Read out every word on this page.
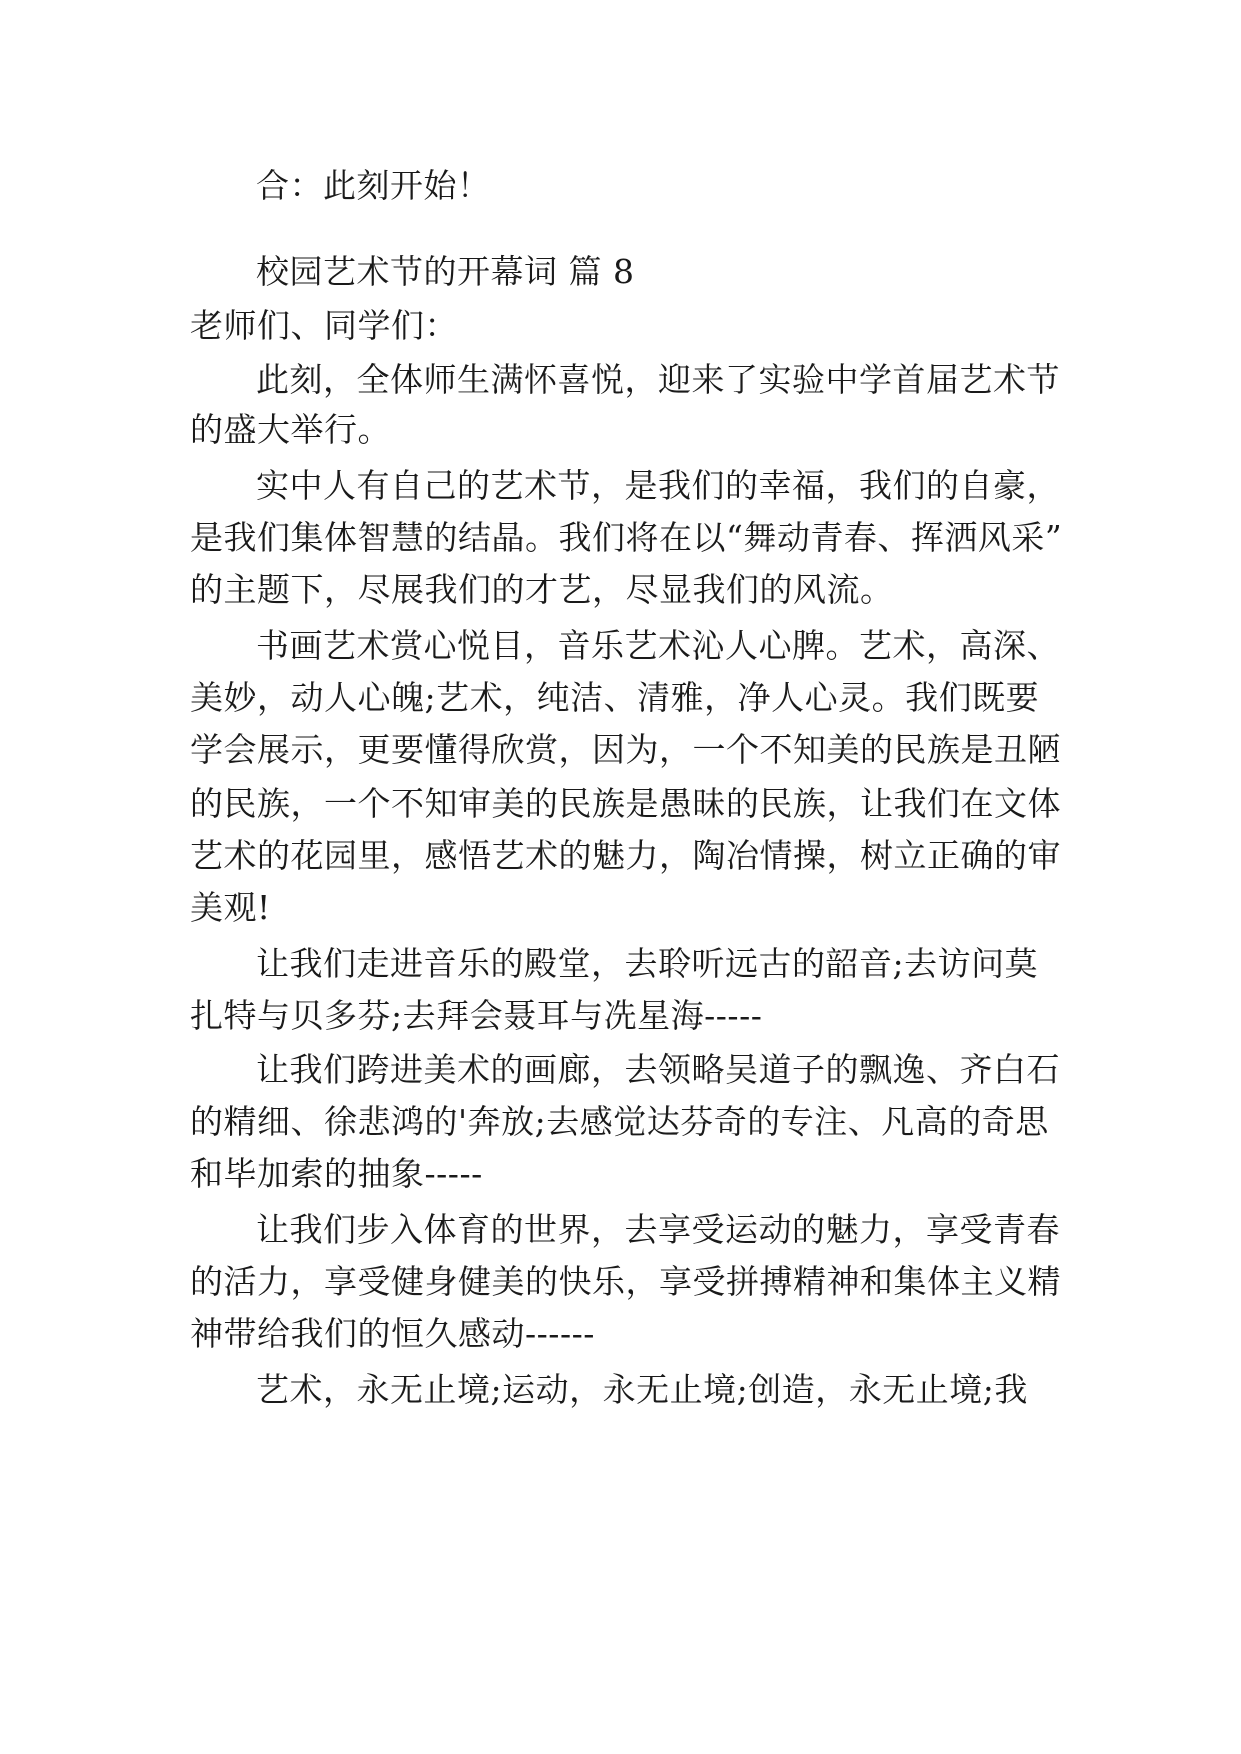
合：此刻开始！
校园艺术节的开幕词 篇 8
老师们、同学们：
此刻，全体师生满怀喜悦，迎来了实验中学首届艺术节
的盛大举行。
实中人有自己的艺术节，是我们的幸福，我们的自豪，
是我们集体智慧的结晶。我们将在以“舞动青春、挥洒风采”
的主题下，尽展我们的才艺，尽显我们的风流。
书画艺术赏心悦目，音乐艺术沁人心脾。艺术，高深、
美妙，动人心魄;艺术，纯洁、清雅，净人心灵。我们既要
学会展示，更要懂得欣赏，因为，一个不知美的民族是丑陋
的民族，一个不知审美的民族是愚昧的民族，让我们在文体
艺术的花园里，感悟艺术的魅力，陶冶情操，树立正确的审
美观!
让我们走进音乐的殿堂，去聆听远古的韶音;去访问莫
扎特与贝多芬;去拜会聂耳与冼星海-----
让我们跨进美术的画廊，去领略吴道子的飘逸、齐白石
的精细、徐悲鸿的'奔放;去感觉达芬奇的专注、凡高的奇思
和毕加索的抽象-----
让我们步入体育的世界，去享受运动的魅力，享受青春
的活力，享受健身健美的快乐，享受拼搏精神和集体主义精
神带给我们的恒久感动------
艺术，永无止境;运动，永无止境;创造，永无止境;我
